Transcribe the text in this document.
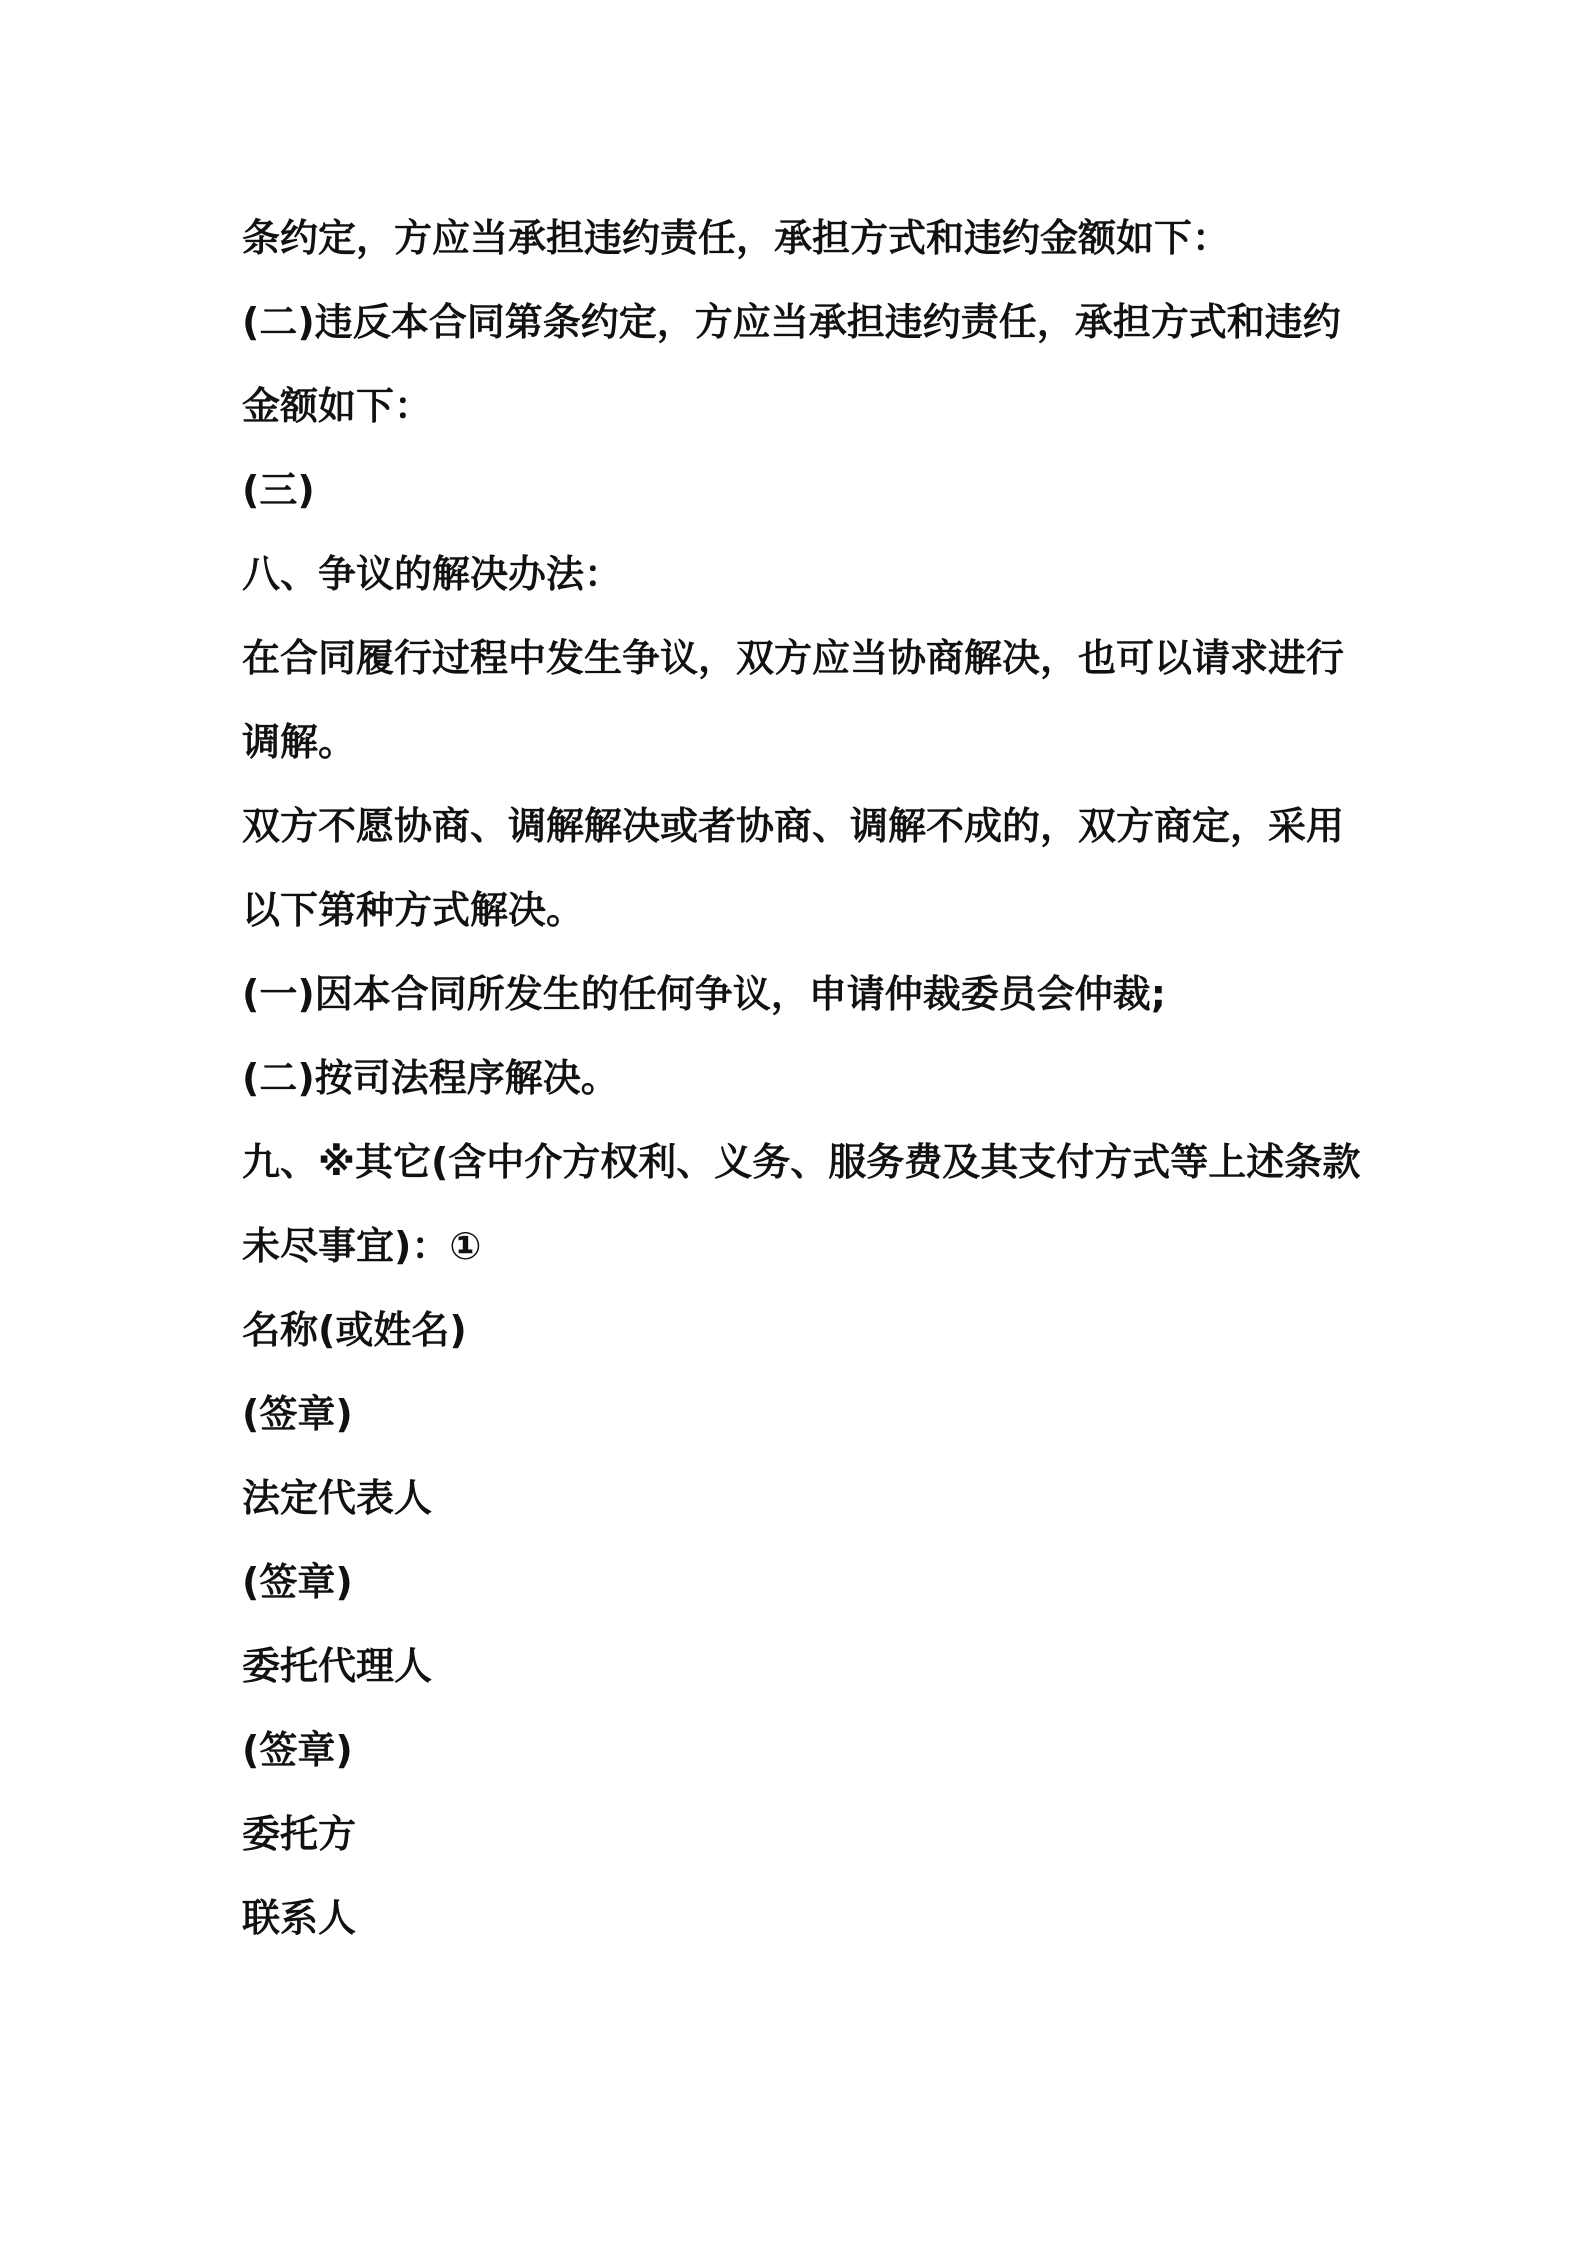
条约定，方应当承担违约责任，承担方式和违约金额如下：

(二)违反本合同第条约定，方应当承担违约责任，承担方式和违约金额如下：

(三)

八、争议的解决办法：

在合同履行过程中发生争议，双方应当协商解决，也可以请求进行调解。

双方不愿协商、调解解决或者协商、调解不成的，双方商定，采用以下第种方式解决。

(一)因本合同所发生的任何争议，申请仲裁委员会仲裁;

(二)按司法程序解决。

九、※其它(含中介方权利、义务、服务费及其支付方式等上述条款未尽事宜)：①

名称(或姓名)

(签章)

法定代表人

(签章)

委托代理人

(签章)

委托方

联系人
